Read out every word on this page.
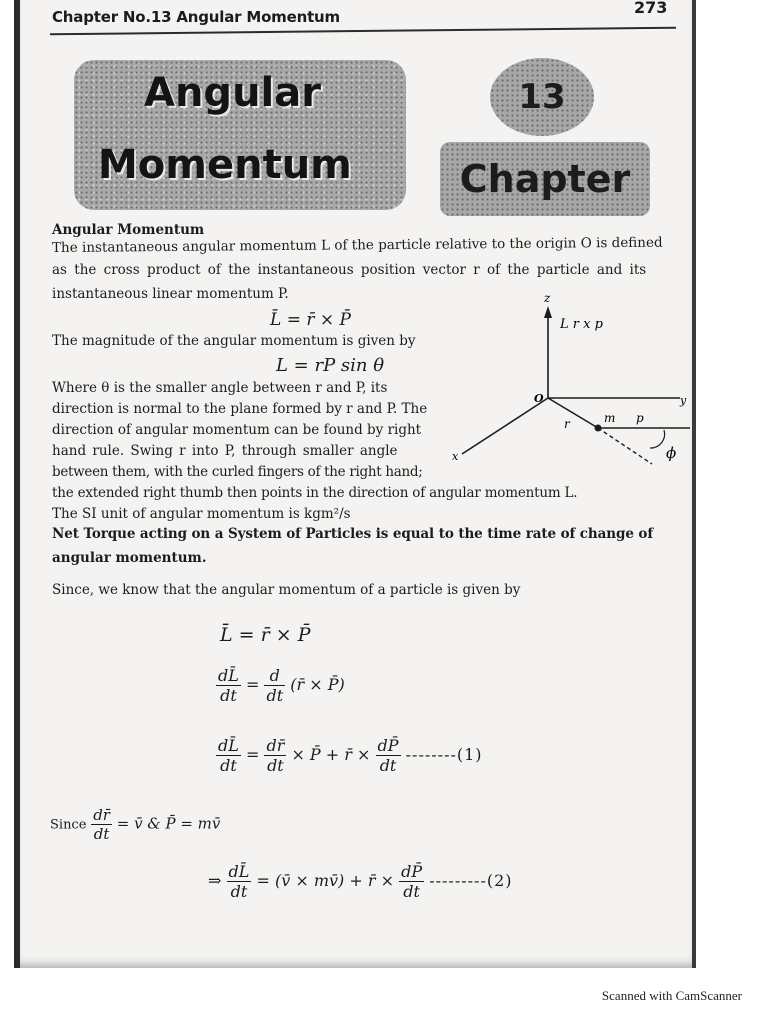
Chapter No.13 Angular Momentum	273
Angular
Momentum
13
Chapter
Angular Momentum
The instantaneous angular momentum L of the particle relative to the origin O is defined
as the cross product of the instantaneous position vector r of the particle and its
instantaneous linear momentum P.
L̄ = r̄ × P̄
The magnitude of the angular momentum is given by
L = rP sin θ
Where θ is the smaller angle between r and P, its
direction is normal to the plane formed by r and P. The
direction of angular momentum can be found by right
hand rule. Swing r into P, through smaller angle
between them, with the curled fingers of the right hand;
the extended right thumb then points in the direction of angular momentum L.
The SI unit of angular momentum is kgm²/s
z
L r x p
O	y
x
r	m p
ϕ
Net Torque acting on a System of Particles is equal to the time rate of change of
angular momentum.
Since, we know that the angular momentum of a particle is given by
L̄ = r̄ × P̄
$\frac{dL̄}{dt} = \frac{d}{dt}$ (r̄ × P̄)
$\frac{dL̄}{dt} = \frac{dr̄}{dt}$ × P̄ + r̄ × $\frac{dP̄}{dt} --------(1)$
Since $\frac{dr̄}{dt}$ = v̄ & P̄ = mv̄
⇒ $\frac{dL̄}{dt}$ = (v̄ × mv̄) + r̄ × $\frac{dP̄}{dt} ---------(2)$
Scanned with CamScanner
